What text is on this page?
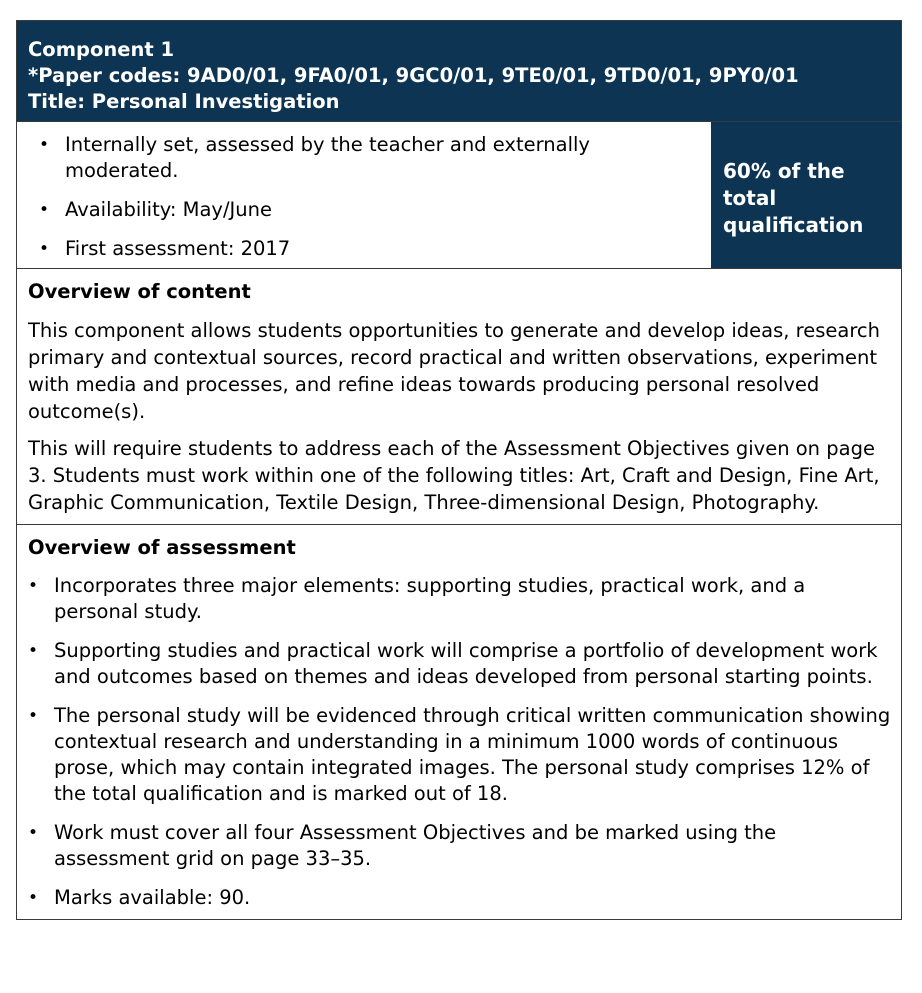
Component 1
*Paper codes: 9AD0/01, 9FA0/01, 9GC0/01, 9TE0/01, 9TD0/01, 9PY0/01
Title: Personal Investigation
• Internally set, assessed by the teacher and externally moderated.
• Availability: May/June
• First assessment: 2017
60% of the total qualification
Overview of content

This component allows students opportunities to generate and develop ideas, research primary and contextual sources, record practical and written observations, experiment with media and processes, and refine ideas towards producing personal resolved outcome(s).

This will require students to address each of the Assessment Objectives given on page 3. Students must work within one of the following titles: Art, Craft and Design, Fine Art, Graphic Communication, Textile Design, Three-dimensional Design, Photography.

Overview of assessment
• Incorporates three major elements: supporting studies, practical work, and a personal study.
• Supporting studies and practical work will comprise a portfolio of development work and outcomes based on themes and ideas developed from personal starting points.
• The personal study will be evidenced through critical written communication showing contextual research and understanding in a minimum 1000 words of continuous prose, which may contain integrated images. The personal study comprises 12% of the total qualification and is marked out of 18.
• Work must cover all four Assessment Objectives and be marked using the assessment grid on page 33–35.
• Marks available: 90.
